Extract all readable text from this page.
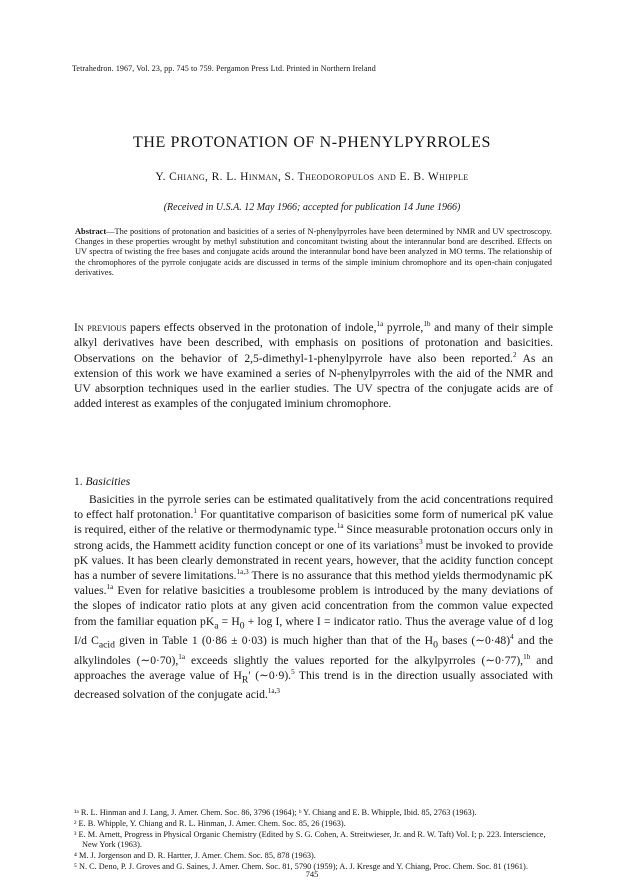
Tetrahedron. 1967, Vol. 23, pp. 745 to 759. Pergamon Press Ltd. Printed in Northern Ireland
THE PROTONATION OF N-PHENYLPYRROLES
Y. Chiang, R. L. Hinman, S. Theodoropulos and E. B. Whipple
(Received in U.S.A. 12 May 1966; accepted for publication 14 June 1966)

Abstract—The positions of protonation and basicities of a series of N-phenylpyrroles have been determined by NMR and UV spectroscopy. Changes in these properties wrought by methyl substitution and concomitant twisting about the interannular bond are described. Effects on UV spectra of twisting the free bases and conjugate acids around the interannular bond have been analyzed in MO terms. The relationship of the chromophores of the pyrrole conjugate acids are discussed in terms of the simple iminium chromophore and its open-chain conjugated derivatives.

In previous papers effects observed in the protonation of indole,$^{1a}$ pyrrole,$^{1b}$ and many of their simple alkyl derivatives have been described, with emphasis on positions of protonation and basicities. Observations on the behavior of 2,5-dimethyl-1-phenylpyrrole have also been reported.$^2$ As an extension of this work we have examined a series of N-phenylpyrroles with the aid of the NMR and UV absorption techniques used in the earlier studies. The UV spectra of the conjugate acids are of added interest as examples of the conjugated iminium chromophore.

1. Basicities

Basicities in the pyrrole series can be estimated qualitatively from the acid concentrations required to effect half protonation.$^1$ For quantitative comparison of basicities some form of numerical pK value is required, either of the relative or thermodynamic type.$^{1a}$ Since measurable protonation occurs only in strong acids, the Hammett acidity function concept or one of its variations$^3$ must be invoked to provide pK values. It has been clearly demonstrated in recent years, however, that the acidity function concept has a number of severe limitations.$^{1a,3}$ There is no assurance that this method yields thermodynamic pK values.$^{1a}$ Even for relative basicities a troublesome problem is introduced by the many deviations of the slopes of indicator ratio plots at any given acid concentration from the common value expected from the familiar equation $pK_a = H_0 + \log I$, where I = indicator ratio. Thus the average value of d log I/d $C_{acid}$ given in Table 1 (0·86 ± 0·03) is much higher than that of the $H_0$ bases (∼0·48)$^4$ and the alkylindoles (∼0·70),$^{1a}$ exceeds slightly the values reported for the alkylpyrroles (∼0·77),$^{1b}$ and approaches the average value of $H_R'$ (∼0·9).$^5$ This trend is in the direction usually associated with decreased solvation of the conjugate acid.$^{1a,3}$

¹ᵃ R. L. Hinman and J. Lang, J. Amer. Chem. Soc. 86, 3796 (1964); ᵇ Y. Chiang and E. B. Whipple, Ibid. 85, 2763 (1963).

² E. B. Whipple, Y. Chiang and R. L. Hinman, J. Amer. Chem. Soc. 85, 26 (1963).

³ E. M. Arnett, Progress in Physical Organic Chemistry (Edited by S. G. Cohen, A. Streitwieser, Jr. and R. W. Taft) Vol. I; p. 223. Interscience, New York (1963).

⁴ M. J. Jorgenson and D. R. Hartter, J. Amer. Chem. Soc. 85, 878 (1963).

⁵ N. C. Deno, P. J. Groves and G. Saines, J. Amer. Chem. Soc. 81, 5790 (1959); A. J. Kresge and Y. Chiang, Proc. Chem. Soc. 81 (1961).

745
